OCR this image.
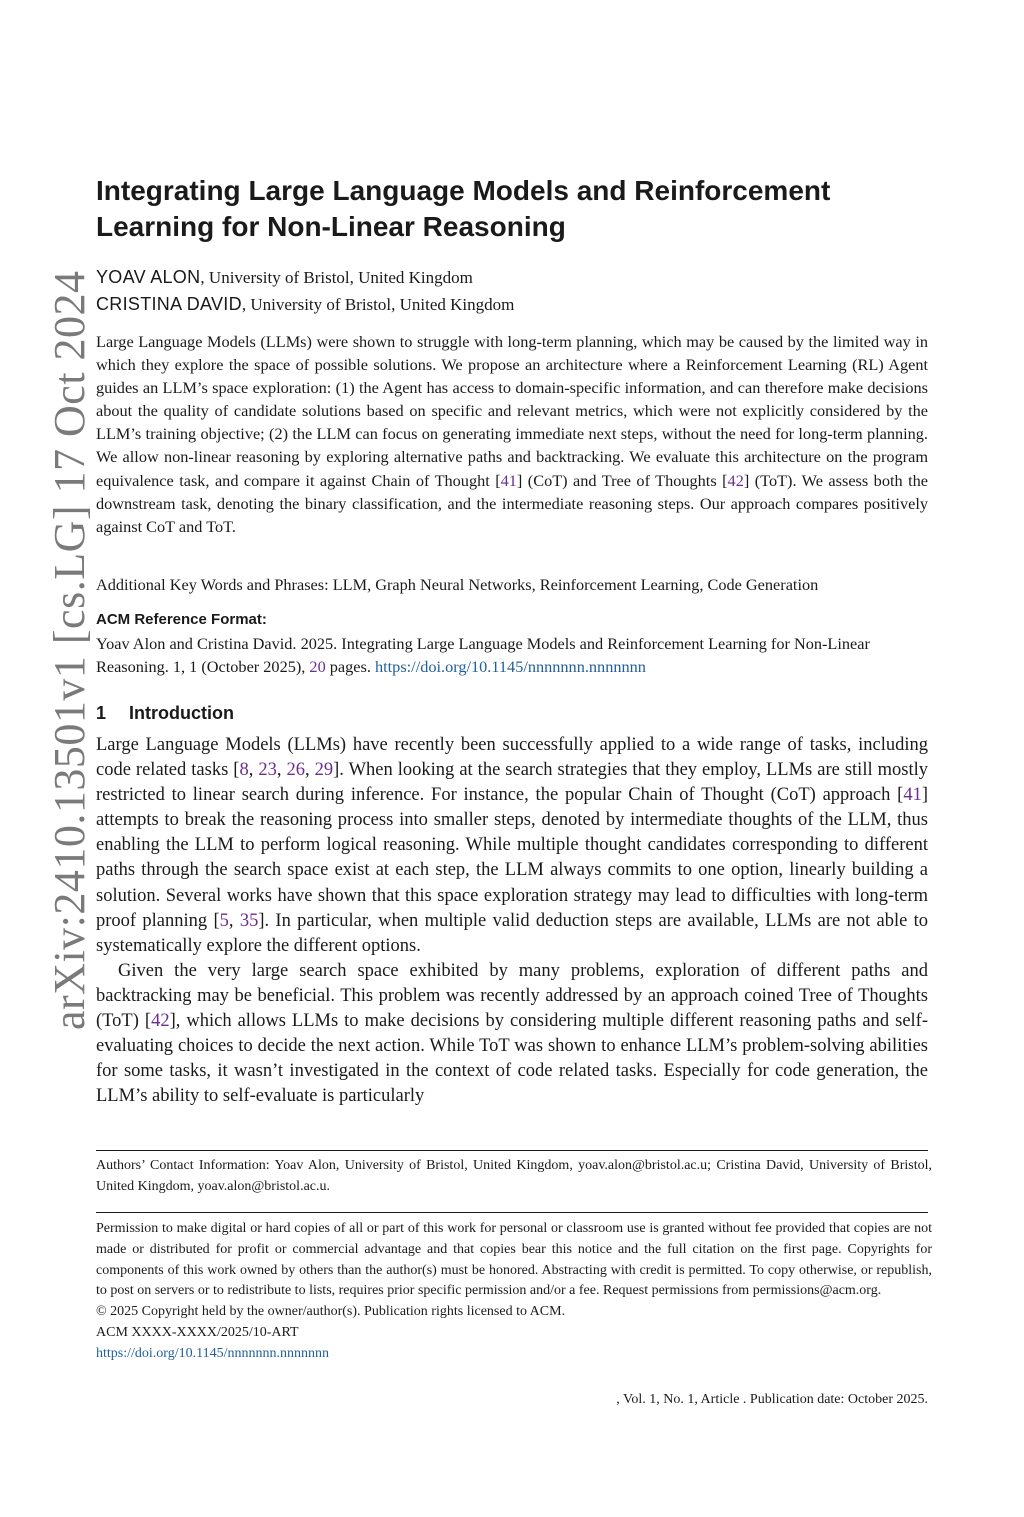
arXiv:2410.13501v1 [cs.LG] 17 Oct 2024
Integrating Large Language Models and Reinforcement Learning for Non-Linear Reasoning
YOAV ALON, University of Bristol, United Kingdom
CRISTINA DAVID, University of Bristol, United Kingdom

Large Language Models (LLMs) were shown to struggle with long-term planning, which may be caused by the limited way in which they explore the space of possible solutions. We propose an architecture where a Reinforcement Learning (RL) Agent guides an LLM’s space exploration: (1) the Agent has access to domain-specific information, and can therefore make decisions about the quality of candidate solutions based on specific and relevant metrics, which were not explicitly considered by the LLM’s training objective; (2) the LLM can focus on generating immediate next steps, without the need for long-term planning. We allow non-linear reasoning by exploring alternative paths and backtracking. We evaluate this architecture on the program equivalence task, and compare it against Chain of Thought [41] (CoT) and Tree of Thoughts [42] (ToT). We assess both the downstream task, denoting the binary classification, and the intermediate reasoning steps. Our approach compares positively against CoT and ToT.

Additional Key Words and Phrases: LLM, Graph Neural Networks, Reinforcement Learning, Code Generation
ACM Reference Format:
Yoav Alon and Cristina David. 2025. Integrating Large Language Models and Reinforcement Learning for Non-Linear Reasoning. 1, 1 (October 2025), 20 pages. https://doi.org/10.1145/nnnnnnn.nnnnnnn
1 Introduction

Large Language Models (LLMs) have recently been successfully applied to a wide range of tasks, including code related tasks [8, 23, 26, 29]. When looking at the search strategies that they employ, LLMs are still mostly restricted to linear search during inference. For instance, the popular Chain of Thought (CoT) approach [41] attempts to break the reasoning process into smaller steps, denoted by intermediate thoughts of the LLM, thus enabling the LLM to perform logical reasoning. While multiple thought candidates corresponding to different paths through the search space exist at each step, the LLM always commits to one option, linearly building a solution. Several works have shown that this space exploration strategy may lead to difficulties with long-term proof planning [5, 35]. In particular, when multiple valid deduction steps are available, LLMs are not able to systematically explore the different options.

Given the very large search space exhibited by many problems, exploration of different paths and backtracking may be beneficial. This problem was recently addressed by an approach coined Tree of Thoughts (ToT) [42], which allows LLMs to make decisions by considering multiple different reasoning paths and self-evaluating choices to decide the next action. While ToT was shown to enhance LLM’s problem-solving abilities for some tasks, it wasn’t investigated in the context of code related tasks. Especially for code generation, the LLM’s ability to self-evaluate is particularly

Authors’ Contact Information: Yoav Alon, University of Bristol, United Kingdom, yoav.alon@bristol.ac.u; Cristina David, University of Bristol, United Kingdom, yoav.alon@bristol.ac.u.
Permission to make digital or hard copies of all or part of this work for personal or classroom use is granted without fee provided that copies are not made or distributed for profit or commercial advantage and that copies bear this notice and the full citation on the first page. Copyrights for components of this work owned by others than the author(s) must be honored. Abstracting with credit is permitted. To copy otherwise, or republish, to post on servers or to redistribute to lists, requires prior specific permission and/or a fee. Request permissions from permissions@acm.org.
© 2025 Copyright held by the owner/author(s). Publication rights licensed to ACM.
ACM XXXX-XXXX/2025/10-ART
https://doi.org/10.1145/nnnnnnn.nnnnnnn
, Vol. 1, No. 1, Article . Publication date: October 2025.
